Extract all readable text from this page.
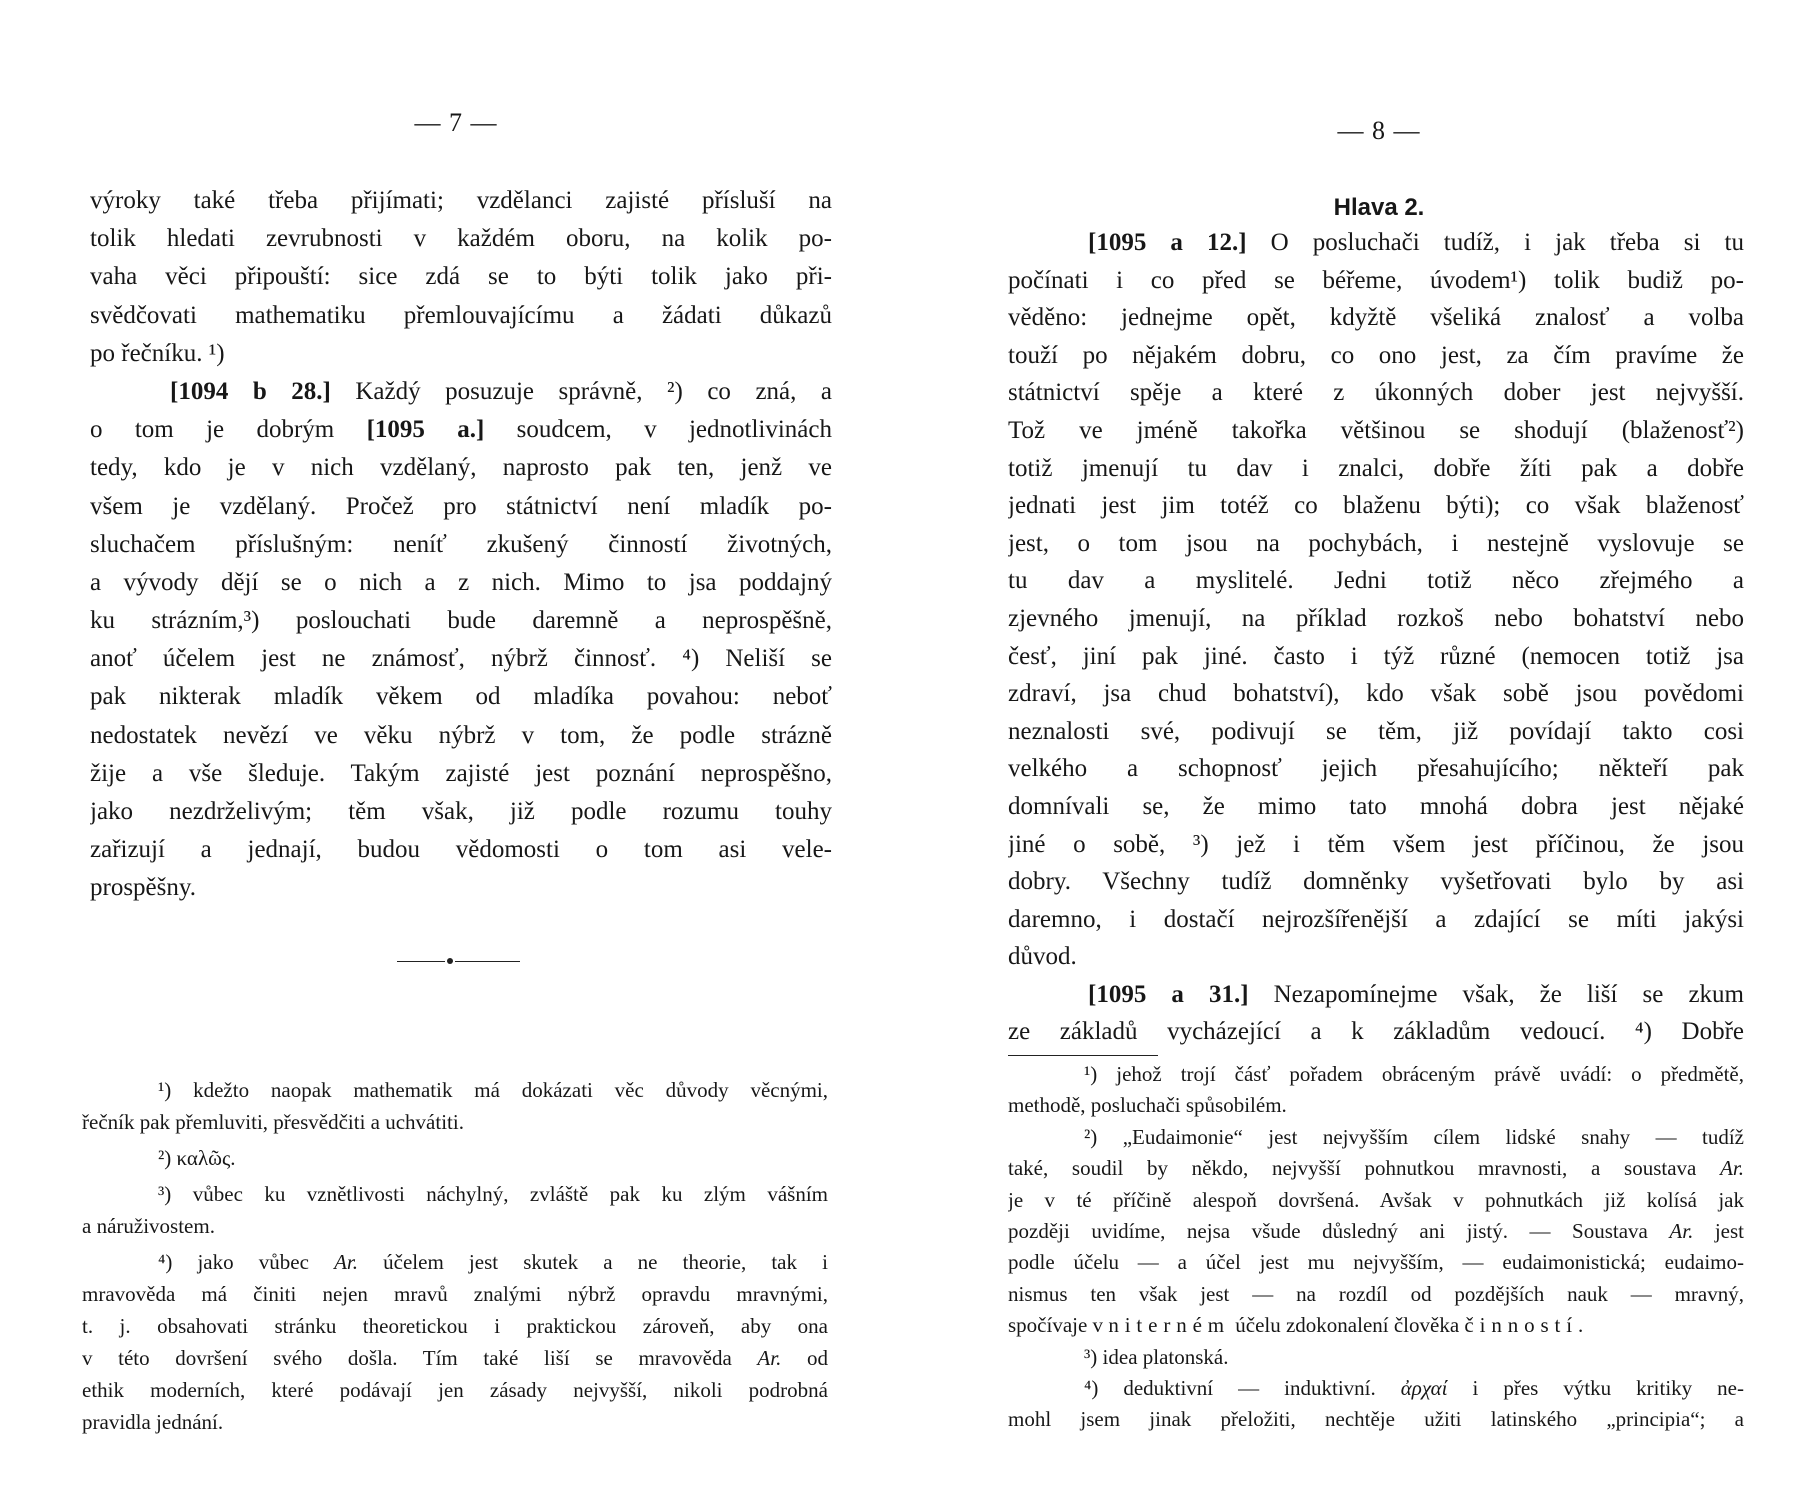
— 7 —
výroky také třeba přijímati; vzdělanci zajisté přísluší na
tolik hledati zevrubnosti v každém oboru, na kolik po-
vaha věci připouští: sice zdá se to býti tolik jako při-
svědčovati mathematiku přemlouvajícímu a žádati důkazů
po řečníku. ¹)
[1094 b 28.] Každý posuzuje správně, ²) co zná, a
o tom je dobrým [1095 a.] soudcem, v jednotlivinách
tedy, kdo je v nich vzdělaný, naprosto pak ten, jenž ve
všem je vzdělaný. Pročež pro státnictví není mladík po-
sluchačem příslušným: neníť zkušený činností životných,
a vývody dějí se o nich a z nich. Mimo to jsa poddajný
ku strázním,³) poslouchati bude daremně a neprospěšně,
anoť účelem jest ne známosť, nýbrž činnosť. ⁴) Neliší se
pak nikterak mladík věkem od mladíka povahou: neboť
nedostatek nevězí ve věku nýbrž v tom, že podle strázně
žije a vše šleduje. Takým zajisté jest poznání neprospěšno,
jako nezdrželivým; těm však, již podle rozumu touhy
zařizují a jednají, budou vědomosti o tom asi vele-
prospěšny.
¹) kdežto naopak mathematik má dokázati věc důvody věcnými,
řečník pak přemluviti, přesvědčiti a uchvátiti.
²) καλῶς.
³) vůbec ku vznětlivosti náchylný, zvláště pak ku zlým vášním
a náruživostem.
⁴) jako vůbec Ar. účelem jest skutek a ne theorie, tak i
mravověda má činiti nejen mravů znalými nýbrž opravdu mravnými,
t. j. obsahovati stránku theoretickou i praktickou zároveň, aby ona
v této dovršení svého došla. Tím také liší se mravověda Ar. od
ethik moderních, které podávají jen zásady nejvyšší, nikoli podrobná
pravidla jednání.
— 8 —
Hlava 2.
[1095 a 12.] O posluchači tudíž, i jak třeba si tu
počínati i co před se béřeme, úvodem¹) tolik budiž po-
věděno: jednejme opět, kdyžtě všeliká znalosť a volba
touží po nějakém dobru, co ono jest, za čím pravíme že
státnictví spěje a které z úkonných dober jest nejvyšší.
Tož ve jméně takořka většinou se shodují (blaženosť²)
totiž jmenují tu dav i znalci, dobře žíti pak a dobře
jednati jest jim totéž co blaženu býti); co však blaženosť
jest, o tom jsou na pochybách, i nestejně vyslovuje se
tu dav a myslitelé. Jedni totiž něco zřejmého a
zjevného jmenují, na příklad rozkoš nebo bohatství nebo
česť, jiní pak jiné. často i týž různé (nemocen totiž jsa
zdraví, jsa chud bohatství), kdo však sobě jsou povědomi
neznalosti své, podivují se těm, již povídají takto cosi
velkého a schopnosť jejich přesahujícího; někteří pak
domnívali se, že mimo tato mnohá dobra jest nějaké
jiné o sobě, ³) jež i těm všem jest příčinou, že jsou
dobry. Všechny tudíž domněnky vyšetřovati bylo by asi
daremno, i dostačí nejrozšířenější a zdající se míti jakýsi
důvod.
[1095 a 31.] Nezapomínejme však, že liší se zkum
ze základů vycházející a k základům vedoucí. ⁴) Dobře
¹) jehož trojí čásť pořadem obráceným právě uvádí: o předmětě,
methodě, posluchači spůsobilém.
²) „Eudaimonie“ jest nejvyšším cílem lidské snahy — tudíž
také, soudil by někdo, nejvyšší pohnutkou mravnosti, a soustava Ar.
je v té příčině alespoň dovršená. Avšak v pohnutkách již kolísá jak
později uvidíme, nejsa všude důsledný ani jistý. — Soustava Ar. jest
podle účelu — a účel jest mu nejvyšším, — eudaimonistická; eudaimo-
nismus ten však jest — na rozdíl od pozdějších nauk — mravný,
spočívaje v niterném účelu zdokonalení člověka činností.
³) idea platonská.
⁴) deduktivní — induktivní. ἀρχαί i přes výtku kritiky ne-
mohl jsem jinak přeložiti, nechtěje užiti latinského „principia“; a
